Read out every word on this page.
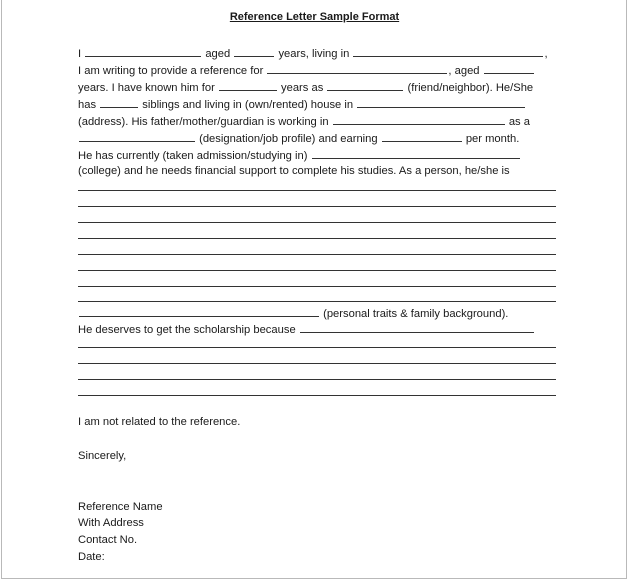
Reference Letter Sample Format
I	aged	years, living in	,
I am writing to provide a reference for	, aged
years. I have known him for	years as	(friend/neighbor). He/She
has	siblings and living in (own/rented) house in
(address). His father/mother/guardian is working in	as a
(designation/job profile) and earning	per month.
He has currently (taken admission/studying in)
(college) and he needs financial support to complete his studies. As a person, he/she is
(personal traits & family background).
He deserves to get the scholarship because
I am not related to the reference.
Sincerely,
Reference Name
With Address
Contact No.
Date:
